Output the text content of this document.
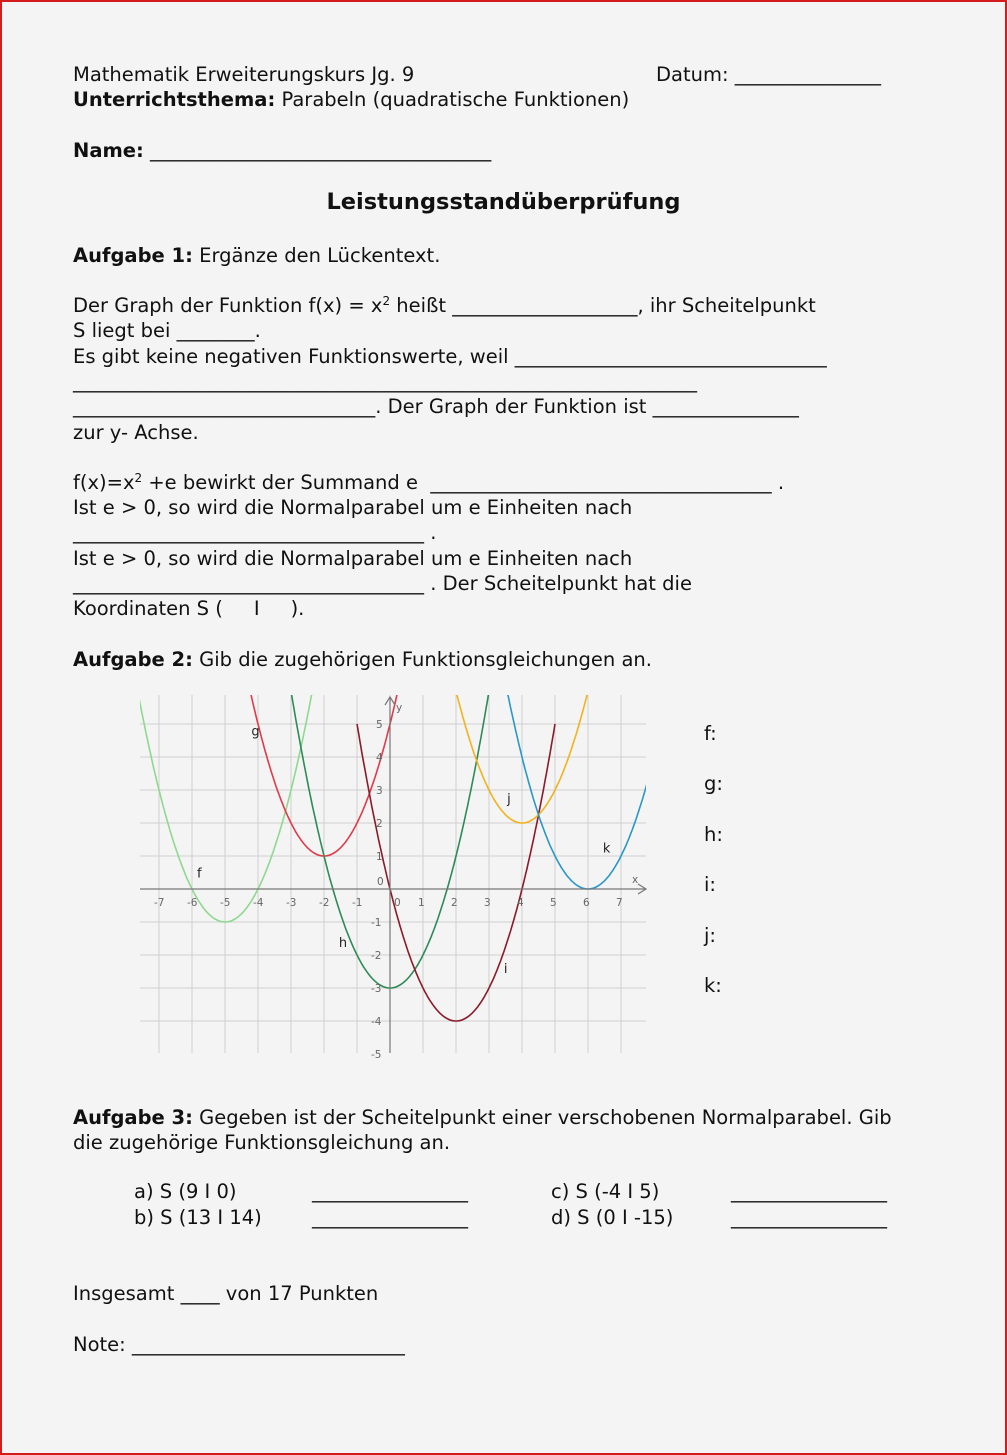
Mathematik Erweiterungskurs Jg. 9	Datum: _______________
Unterrichtsthema: Parabeln (quadratische Funktionen)
Name: ___________________________________
Leistungsstandüberprüfung
Aufgabe 1: Ergänze den Lückentext.
Der Graph der Funktion $f(x) = x^2$ heißt ___________________, ihr Scheitelpunkt
S liegt bei ________.
Es gibt keine negativen Funktionswerte, weil ________________________________
________________________________________________________________
_______________________________. Der Graph der Funktion ist _______________
zur y- Achse.
$f(x)=x^2 +e$ bewirkt der Summand e  ___________________________________ .
Ist e > 0, so wird die Normalparabel um e Einheiten nach
____________________________________ .
Ist e > 0, so wird die Normalparabel um e Einheiten nach
____________________________________ . Der Scheitelpunkt hat die
Koordinaten S (     I     ).
Aufgabe 2: Gib die zugehörigen Funktionsgleichungen an.
f
g
h
i
j
k
x
y
-7 -6 -5 -4 -3 -2 -1	0 1	2	3	4	5	6	7
-5
-4
-3
-2
-1
1
2
3
4
5
0
f:
g:
h:
i:
j:
k:
Aufgabe 3: Gegeben ist der Scheitelpunkt einer verschobenen Normalparabel. Gib
die zugehörige Funktionsgleichung an.
a) S (9 I 0)	________________	c) S (-4 I 5)	________________
b) S (13 I 14)	________________	d) S (0 I -15)	________________
Insgesamt ____ von 17 Punkten
Note: ____________________________
